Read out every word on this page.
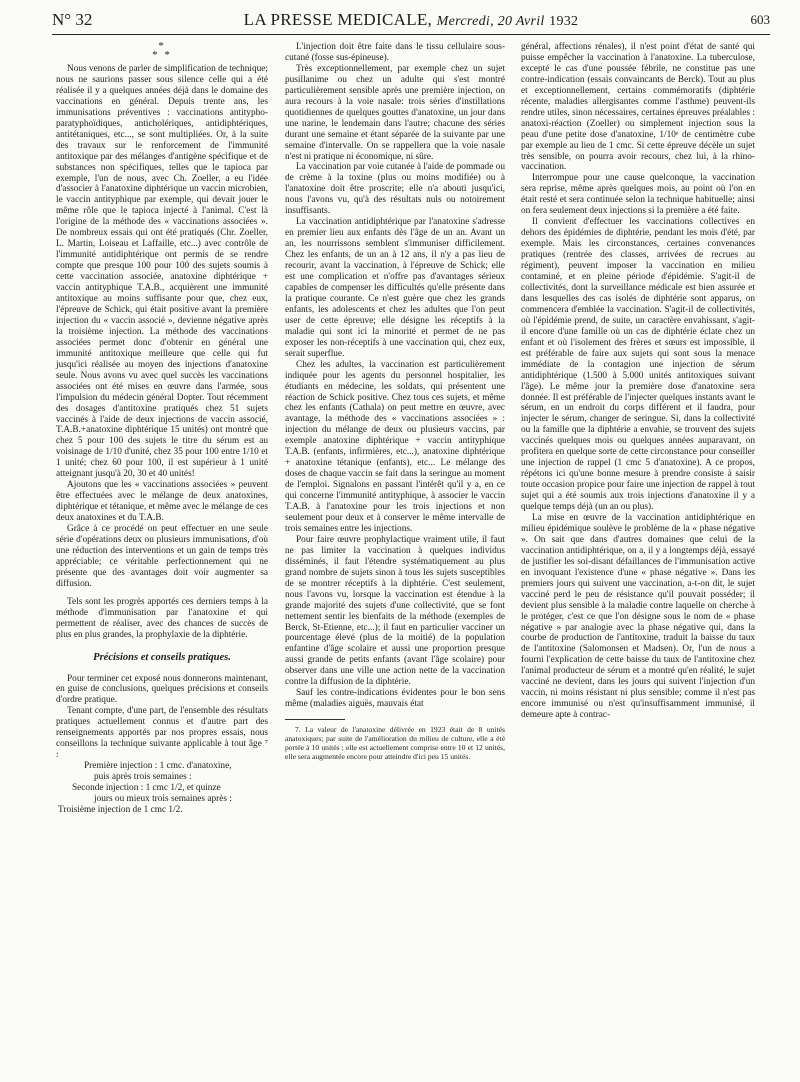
N° 32	LA PRESSE MEDICALE, Mercredi, 20 Avril 1932	603
*
* *

Nous venons de parler de simplification de technique; nous ne saurions passer sous silence celle qui a été réalisée il y a quelques années déjà dans le domaine des vaccinations en général. Depuis trente ans, les immunisations préventives : vaccinations antitypho-paratyphoïdiques, anticholériques, antidiphtériques, antitétaniques, etc..., se sont multipliées. Or, à la suite des travaux sur le renforcement de l'immunité antitoxique par des mélanges d'antigène spécifique et de substances non spécifiques, telles que le tapioca par exemple, l'un de nous, avec Ch. Zoeller, a eu l'idée d'associer à l'anatoxine diphtérique un vaccin microbien, le vaccin antityphique par exemple, qui devait jouer le même rôle que le tapioca injecté à l'animal. C'est là l'origine de la méthode des « vaccinations associées ». De nombreux essais qui ont été pratiqués (Chr. Zoeller, L. Martin, Loiseau et Laffaille, etc...) avec contrôle de l'immunité antidiphtérique ont permis de se rendre compte que presque 100 pour 100 des sujets soumis à cette vaccination associée, anatoxine diphtérique + vaccin antityphique T.A.B., acquièrent une immunité antitoxique au moins suffisante pour que, chez eux, l'épreuve de Schick, qui était positive avant la première injection du « vaccin associé », devienne négative après la troisième injection. La méthode des vaccinations associées permet donc d'obtenir en général une immunité antitoxique meilleure que celle qui fut jusqu'ici réalisée au moyen des injections d'anatoxine seule. Nous avons vu avec quel succès les vaccinations associées ont été mises en œuvre dans l'armée, sous l'impulsion du médecin général Dopter. Tout récemment des dosages d'antitoxine pratiqués chez 51 sujets vaccinés à l'aide de deux injections de vaccin associé, T.A.B.+anatoxine diphtérique 15 unités) ont montré que chez 5 pour 100 des sujets le titre du sérum est au voisinage de 1/10 d'unité, chez 35 pour 100 entre 1/10 et 1 unité; chez 60 pour 100, il est supérieur à 1 unité atteignant jusqu'à 20, 30 et 40 unités!

Ajoutons que les « vaccinations associées » peuvent être effectuées avec le mélange de deux anatoxines, diphtérique et tétanique, et même avec le mélange de ces deux anatoxines et du T.A.B.

Grâce à ce procédé on peut effectuer en une seule série d'opérations deux ou plusieurs immunisations, d'où une réduction des interventions et un gain de temps très appréciable; ce véritable perfectionnement qui ne présente que des avantages doit voir augmenter sa diffusion.

Tels sont les progrès apportés ces derniers temps à la méthode d'immunisation par l'anatoxine et qui permettent de réaliser, avec des chances de succès de plus en plus grandes, la prophylaxie de la diphtérie.

Précisions et conseils pratiques.

Pour terminer cet exposé nous donnerons maintenant, en guise de conclusions, quelques précisions et conseils d'ordre pratique.

Tenant compte, d'une part, de l'ensemble des résultats pratiques actuellement connus et d'autre part des renseignements apportés par nos propres essais, nous conseillons la technique suivante applicable à tout âge ⁷ :

Première injection : 1 cmc. d'anatoxine,

puis après trois semaines :

Seconde injection : 1 cmc 1/2, et quinze

jours ou mieux trois semaines après :

Troisième injection de 1 cmc 1/2.

L'injection doit être faite dans le tissu cellulaire sous-cutané (fosse sus-épineuse).

Très exceptionnellement, par exemple chez un sujet pusillanime ou chez un adulte qui s'est montré particulièrement sensible après une première injection, on aura recours à la voie nasale: trois séries d'instillations quotidiennes de quelques gouttes d'anatoxine, un jour dans une narine, le lendemain dans l'autre; chacune des séries durant une semaine et étant séparée de la suivante par une semaine d'intervalle. On se rappellera que la voie nasale n'est ni pratique ni économique, ni sûre.

La vaccination par voie cutanée à l'aide de pommade ou de crème à la toxine (plus ou moins modifiée) ou à l'anatoxine doit être proscrite; elle n'a abouti jusqu'ici, nous l'avons vu, qu'à des résultats nuls ou notoirement insuffisants.

La vaccination antidiphtérique par l'anatoxine s'adresse en premier lieu aux enfants dès l'âge de un an. Avant un an, les nourrissons semblent s'immuniser difficilement. Chez les enfants, de un an à 12 ans, il n'y a pas lieu de recourir, avant la vaccination, à l'épreuve de Schick; elle est une complication et n'offre pas d'avantages sérieux capables de compenser les difficultés qu'elle présente dans la pratique courante. Ce n'est guère que chez les grands enfants, les adolescents et chez les adultes que l'on peut user de cette épreuve; elle désigne les réceptifs à la maladie qui sont ici la minorité et permet de ne pas exposer les non-réceptifs à une vaccination qui, chez eux, serait superflue.

Chez les adultes, la vaccination est particulièrement indiquée pour les agents du personnel hospitalier, les étudiants en médecine, les soldats, qui présentent une réaction de Schick positive. Chez tous ces sujets, et même chez les enfants (Cathala) on peut mettre en œuvre, avec avantage, la méthode des « vaccinations associées » : injection du mélange de deux ou plusieurs vaccins, par exemple anatoxine diphtérique + vaccin antityphique T.A.B. (enfants, infirmières, etc...), anatoxine diphtérique + anatoxine tétanique (enfants), etc... Le mélange des doses de chaque vaccin se fait dans la seringue au moment de l'emploi. Signalons en passant l'intérêt qu'il y a, en ce qui concerne l'immunité antityphique, à associer le vaccin T.A.B. à l'anatoxine pour les trois injections et non seulement pour deux et à conserver le même intervalle de trois semaines entre les injections.

Pour faire œuvre prophylactique vraiment utile, il faut ne pas limiter la vaccination à quelques individus disséminés, il faut l'étendre systématiquement au plus grand nombre de sujets sinon à tous les sujets susceptibles de se montrer réceptifs à la diphtérie. C'est seulement, nous l'avons vu, lorsque la vaccination est étendue à la grande majorité des sujets d'une collectivité, que se font nettement sentir les bienfaits de la méthode (exemples de Berck, St-Etienne, etc...); il faut en particulier vacciner un pourcentage élevé (plus de la moitié) de la population enfantine d'âge scolaire et aussi une proportion presque aussi grande de petits enfants (avant l'âge scolaire) pour observer dans une ville une action nette de la vaccination contre la diffusion de la diphtérie.

Sauf les contre-indications évidentes pour le bon sens même (maladies aiguës, mauvais état

7. La valeur de l'anatoxine délivrée en 1923 était de 8 unités anatoxiques; par suite de l'amélioration du milieu de culture, elle a été portée à 10 unités ; elle est actuellement comprise entre 10 et 12 unités, elle sera augmentée encore pour atteindre d'ici peu 15 unités.

général, affections rénales), il n'est point d'état de santé qui puisse empêcher la vaccination à l'anatoxine. La tuberculose, excepté le cas d'une poussée fébrile, ne constitue pas une contre-indication (essais convaincants de Berck). Tout au plus et exceptionnellement, certains commémoratifs (diphtérie récente, maladies allergisantes comme l'asthme) peuvent-ils rendre utiles, sinon nécessaires, certaines épreuves préalables : anatoxi-réaction (Zoeller) ou simplement injection sous la peau d'une petite dose d'anatoxine, 1/10ᵉ de centimètre cube par exemple au lieu de 1 cmc. Si cette épreuve décèle un sujet très sensible, on pourra avoir recours, chez lui, à la rhino-vaccination.

Interrompue pour une cause quelconque, la vaccination sera reprise, même après quelques mois, au point où l'on en était resté et sera continuée selon la technique habituelle; ainsi on fera seulement deux injections si la première a été faite.

Il convient d'effectuer les vaccinations collectives en dehors des épidémies de diphtérie, pendant les mois d'été, par exemple. Mais les circonstances, certaines convenances pratiques (rentrée des classes, arrivées de recrues au régiment), peuvent imposer la vaccination en milieu contaminé, et en pleine période d'épidémie. S'agit-il de collectivités, dont la surveillance médicale est bien assurée et dans lesquelles des cas isolés de diphtérie sont apparus, on commencera d'emblée la vaccination. S'agit-il de collectivités, où l'épidémie prend, de suite, un caractère envahissant, s'agit-il encore d'une famille où un cas de diphtérie éclate chez un enfant et où l'isolement des frères et sœurs est impossible, il est préférable de faire aux sujets qui sont sous la menace immédiate de la contagion une injection de sérum antidiphtérique (1.500 à 5.000 unités antitoxiques suivant l'âge). Le même jour la première dose d'anatoxine sera donnée. Il est préférable de l'injecter quelques instants avant le sérum, en un endroit du corps différent et il faudra, pour injecter le sérum, changer de seringue. Si, dans la collectivité ou la famille que la diphtérie a envahie, se trouvent des sujets vaccinés quelques mois ou quelques années auparavant, on profitera en quelque sorte de cette circonstance pour conseiller une injection de rappel (1 cmc 5 d'anatoxine). A ce propos, répétons ici qu'une bonne mesure à prendre consiste à saisir toute occasion propice pour faire une injection de rappel à tout sujet qui a été soumis aux trois injections d'anatoxine il y a quelque temps déjà (un an ou plus).

La mise en œuvre de la vaccination antidiphtérique en milieu épidémique soulève le problème de la « phase négative ». On sait que dans d'autres domaines que celui de la vaccination antidiphtérique, on a, il y a longtemps déjà, essayé de justifier les soi-disant défaillances de l'immunisation active en invoquant l'existence d'une « phase négative ». Dans les premiers jours qui suivent une vaccination, a-t-on dit, le sujet vacciné perd le peu de résistance qu'il pouvait posséder; il devient plus sensible à la maladie contre laquelle on cherche à le protéger, c'est ce que l'on désigne sous le nom de « phase négative » par analogie avec la phase négative qui, dans la courbe de production de l'antitoxine, traduit la baisse du taux de l'antitoxine (Salomonsen et Madsen). Or, l'un de nous a fourni l'explication de cette baisse du taux de l'antitoxine chez l'animal producteur de sérum et a montré qu'en réalité, le sujet vacciné ne devient, dans les jours qui suivent l'injection d'un vaccin, ni moins résistant ni plus sensible; comme il n'est pas encore immunisé ou n'est qu'insuffisamment immunisé, il demeure apte à contrac-
